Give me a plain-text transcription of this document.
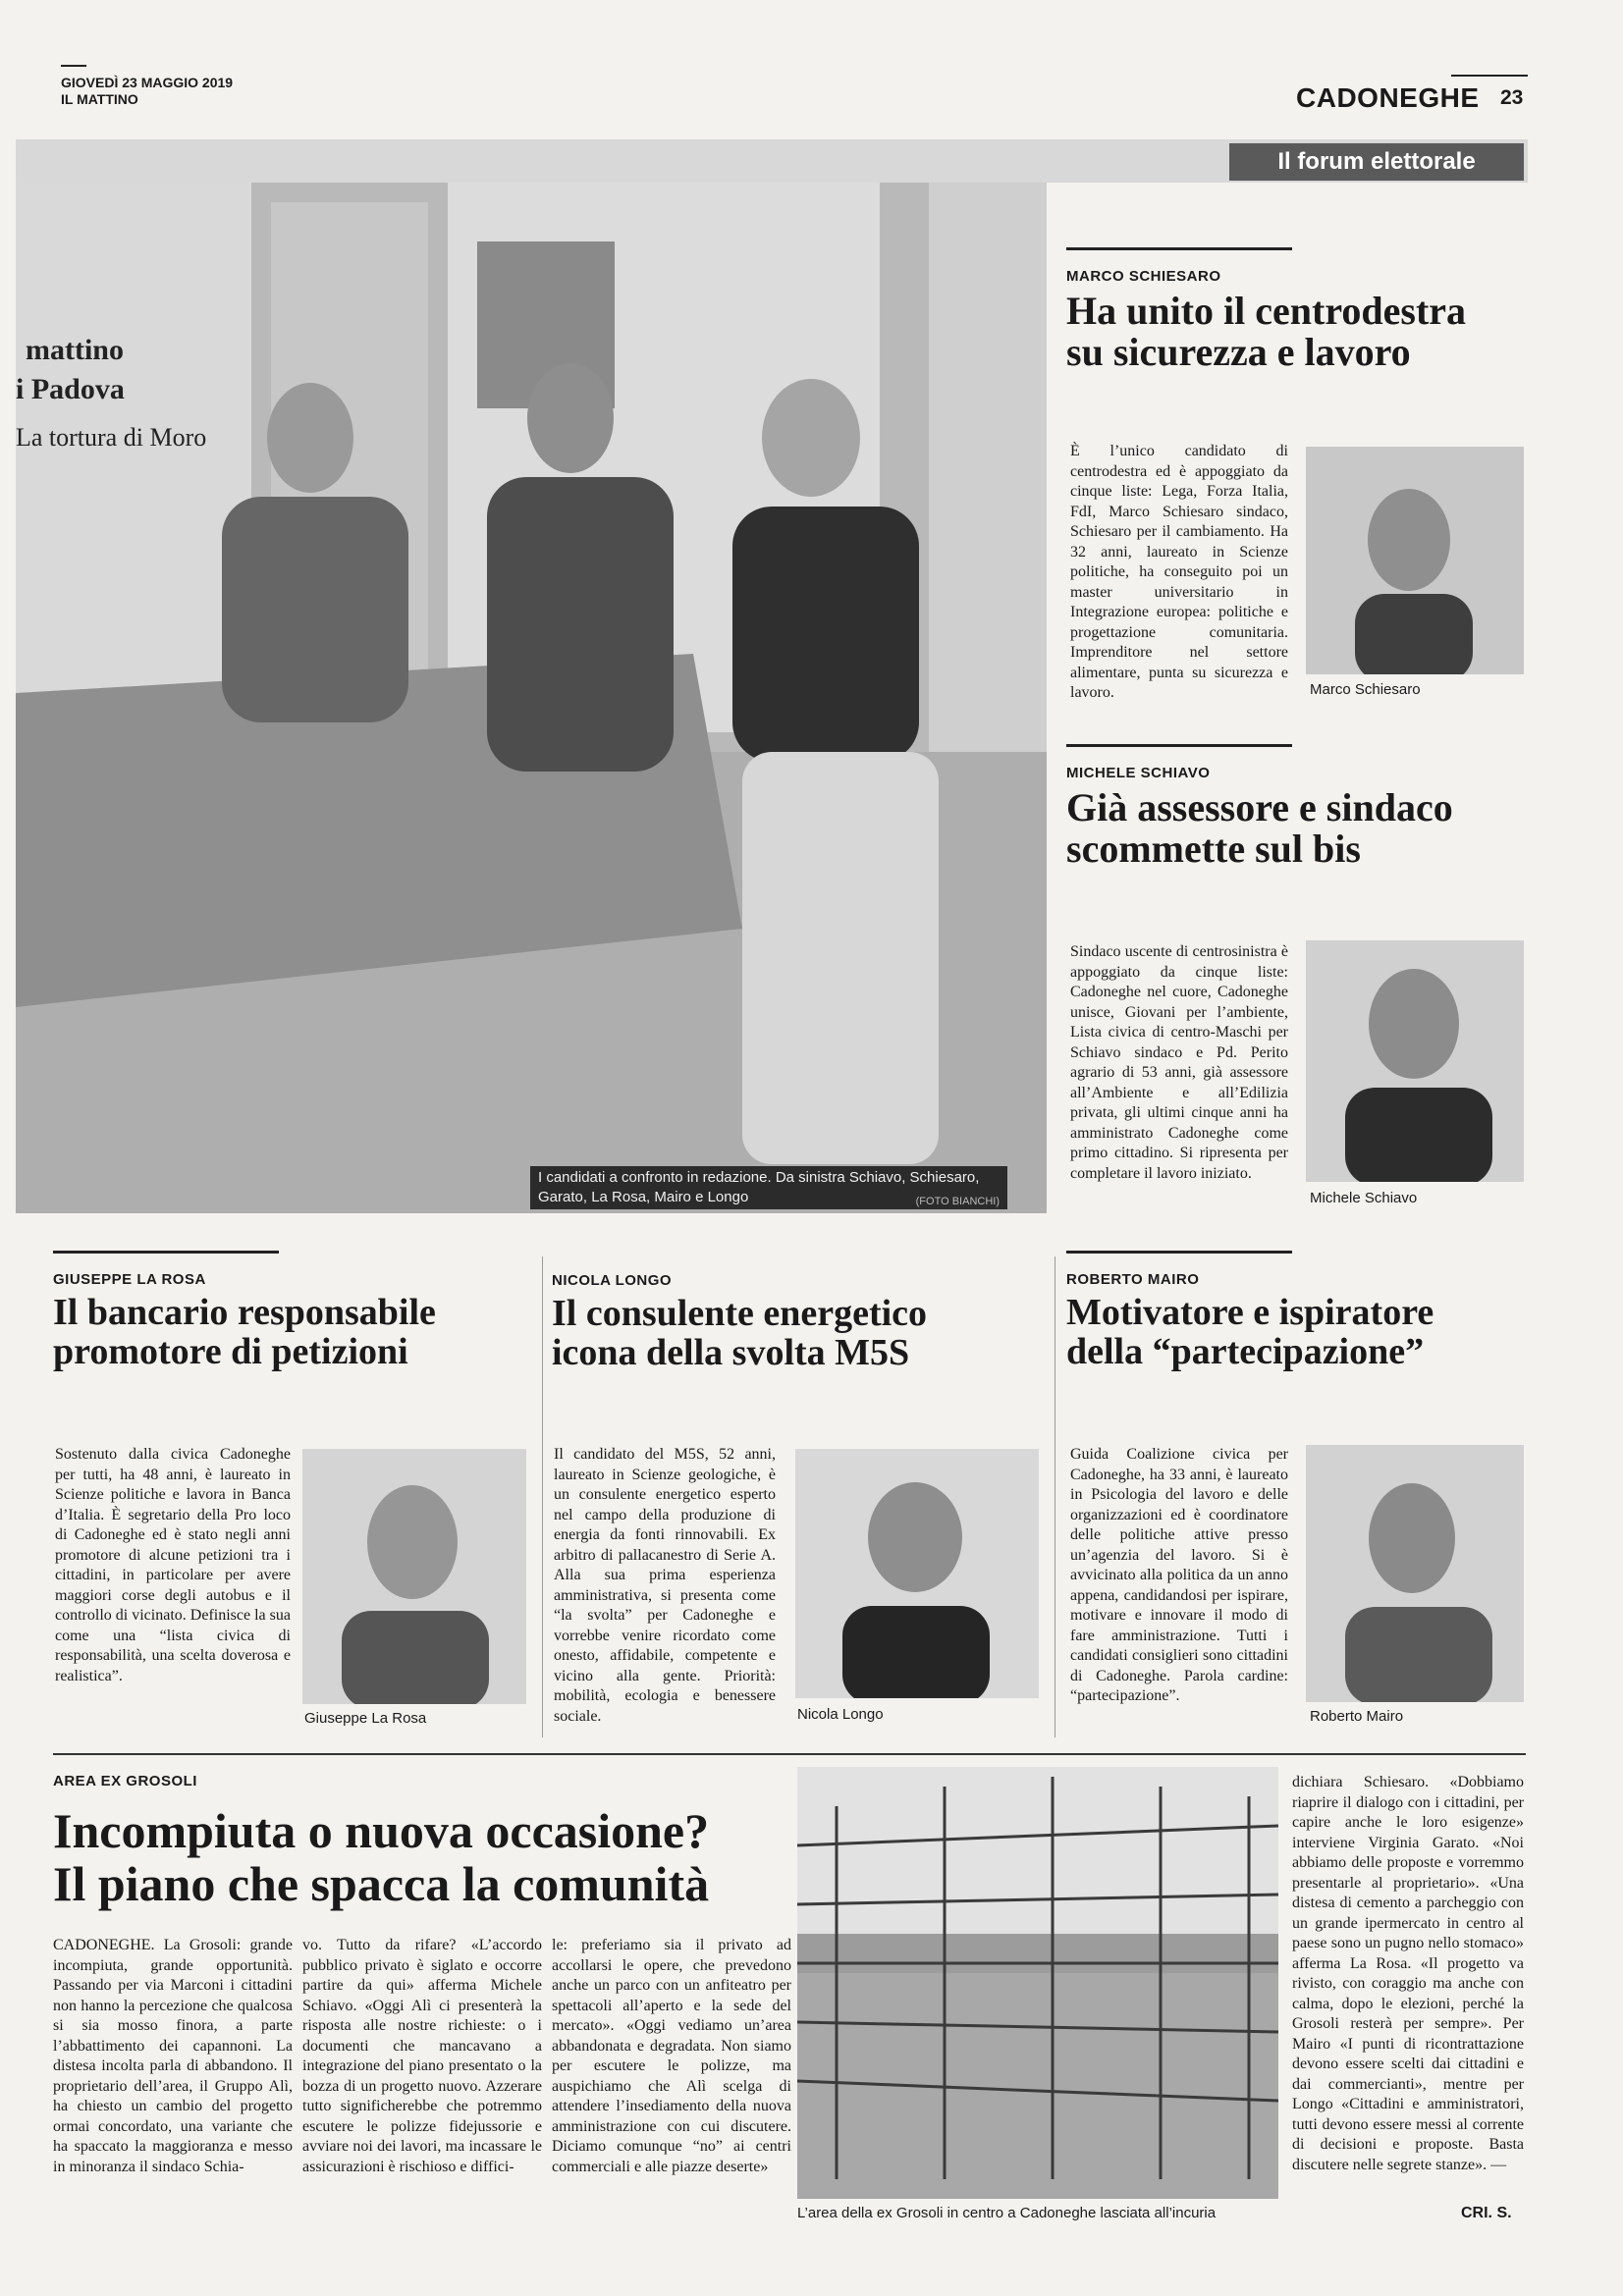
GIOVEDÌ 23 MAGGIO 2019
IL MATTINO	CADONEGHE 23
Il forum elettorale
mattino
i Padova
La tortura di Moro
I candidati a confronto in redazione. Da sinistra Schiavo, Schiesaro, Garato, La Rosa, Mairo e Longo	(FOTO BIANCHI)
MARCO SCHIESARO
Ha unito il centrodestra
su sicurezza e lavoro
È l’unico candidato di centrodestra ed è appoggiato da cinque liste: Lega, Forza Italia, FdI, Marco Schiesaro sindaco, Schiesaro per il cambiamento. Ha 32 anni, laureato in Scienze politiche, ha conseguito poi un master universitario in Integrazione europea: politiche e progettazione comunitaria. Imprenditore nel settore alimentare, punta su sicurezza e lavoro.	Marco Schiesaro
MICHELE SCHIAVO
Già assessore e sindaco
scommette sul bis
Sindaco uscente di centrosinistra è appoggiato da cinque liste: Cadoneghe nel cuore, Cadoneghe unisce, Giovani per l’ambiente, Lista civica di centro-Maschi per Schiavo sindaco e Pd. Perito agrario di 53 anni, già assessore all’Ambiente e all’Edilizia privata, gli ultimi cinque anni ha amministrato Cadoneghe come primo cittadino. Si ripresenta per completare il lavoro iniziato.
Michele Schiavo
GIUSEPPE LA ROSA
Il bancario responsabile
promotore di petizioni
Sostenuto dalla civica Cadoneghe per tutti, ha 48 anni, è laureato in Scienze politiche e lavora in Banca d’Italia. È segretario della Pro loco di Cadoneghe ed è stato negli anni promotore di alcune petizioni tra i cittadini, in particolare per avere maggiori corse degli autobus e il controllo di vicinato. Definisce la sua come una “lista civica di responsabilità, una scelta doverosa e realistica”.
Giuseppe La Rosa
NICOLA LONGO
Il consulente energetico
icona della svolta M5S
Il candidato del M5S, 52 anni, laureato in Scienze geologiche, è un consulente energetico esperto nel campo della produzione di energia da fonti rinnovabili. Ex arbitro di pallacanestro di Serie A. Alla sua prima esperienza amministrativa, si presenta come “la svolta” per Cadoneghe e vorrebbe venire ricordato come onesto, affidabile, competente e vicino alla gente. Priorità: mobilità, ecologia e benessere sociale.	Nicola Longo
ROBERTO MAIRO
Motivatore e ispiratore
della “partecipazione”
Guida Coalizione civica per Cadoneghe, ha 33 anni, è laureato in Psicologia del lavoro e delle organizzazioni ed è coordinatore delle politiche attive presso un’agenzia del lavoro. Si è avvicinato alla politica da un anno appena, candidandosi per ispirare, motivare e innovare il modo di fare amministrazione. Tutti i candidati consiglieri sono cittadini di Cadoneghe. Parola cardine: “partecipazione”.
Roberto Mairo
AREA EX GROSOLI
Incompiuta o nuova occasione?
Il piano che spacca la comunità
CADONEGHE. La Grosoli: grande incompiuta, grande opportunità. Passando per via Marconi i cittadini non hanno la percezione che qualcosa si sia mosso finora, a parte l’abbattimento dei capannoni. La distesa incolta parla di abbandono. Il proprietario dell’area, il Gruppo Alì, ha chiesto un cambio del progetto ormai concordato, una variante che ha spaccato la maggioranza e messo in minoranza il sindaco Schia-
vo. Tutto da rifare? «L’accordo pubblico privato è siglato e occorre partire da qui» afferma Michele Schiavo. «Oggi Alì ci presenterà la risposta alle nostre richieste: o i documenti che mancavano a integrazione del piano presentato o la bozza di un progetto nuovo. Azzerare tutto significherebbe che potremmo escutere le polizze fidejussorie e avviare noi dei lavori, ma incassare le assicurazioni è rischioso e diffici-
le: preferiamo sia il privato ad accollarsi le opere, che prevedono anche un parco con un anfiteatro per spettacoli all’aperto e la sede del mercato». «Oggi vediamo un’area abbandonata e degradata. Non siamo per escutere le polizze, ma auspichiamo che Alì scelga di attendere l’insediamento della nuova amministrazione con cui discutere. Diciamo comunque “no” ai centri commerciali e alle piazze deserte»
L’area della ex Grosoli in centro a Cadoneghe lasciata all’incuria
dichiara Schiesaro. «Dobbiamo riaprire il dialogo con i cittadini, per capire anche le loro esigenze» interviene Virginia Garato. «Noi abbiamo delle proposte e vorremmo presentarle al proprietario». «Una distesa di cemento a parcheggio con un grande ipermercato in centro al paese sono un pugno nello stomaco» afferma La Rosa. «Il progetto va rivisto, con coraggio ma anche con calma, dopo le elezioni, perché la Grosoli resterà per sempre». Per Mairo «I punti di ricontrattazione devono essere scelti dai cittadini e dai commercianti», mentre per Longo «Cittadini e amministratori, tutti devono essere messi al corrente di decisioni e proposte. Basta discutere nelle segrete stanze». —
CRI. S.
